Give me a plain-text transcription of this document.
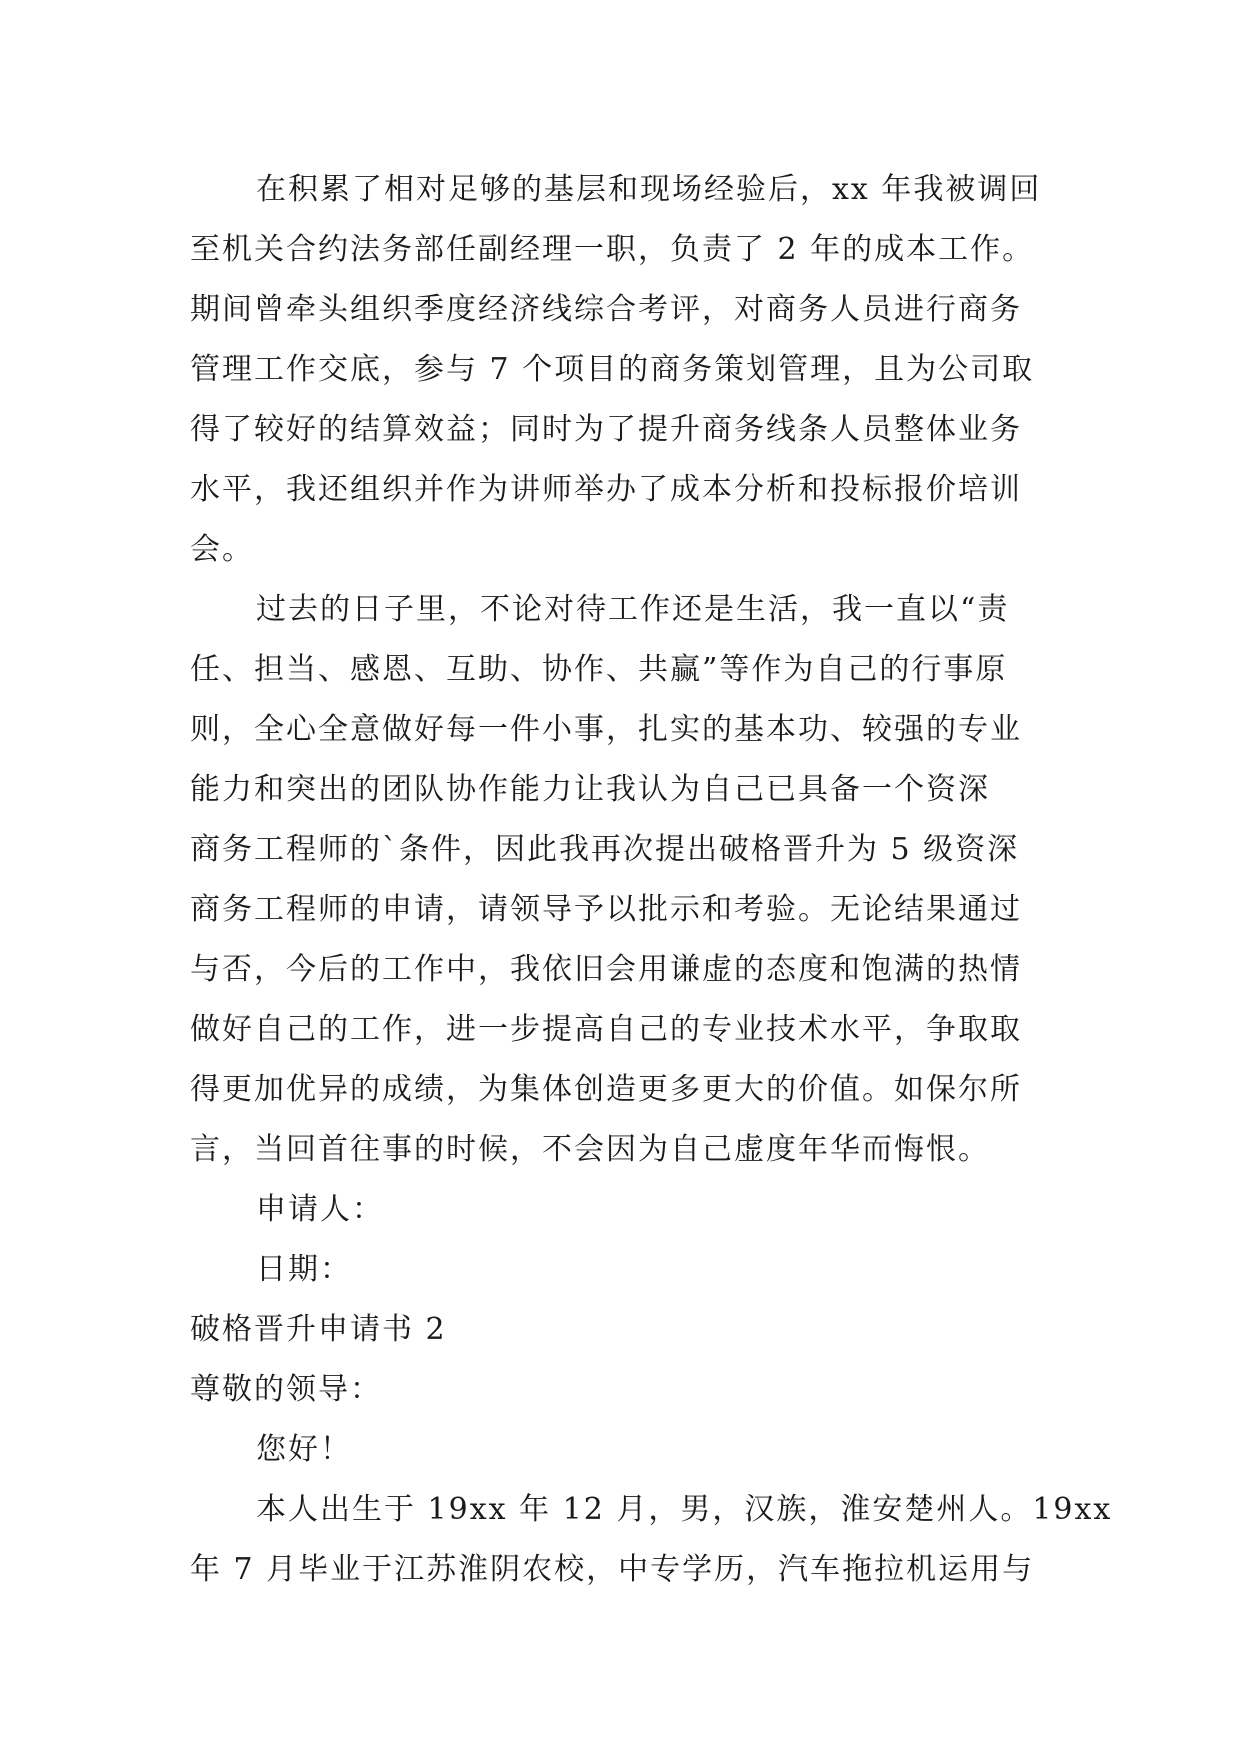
在积累了相对足够的基层和现场经验后，xx 年我被调回
至机关合约法务部任副经理一职，负责了 2 年的成本工作。
期间曾牵头组织季度经济线综合考评，对商务人员进行商务
管理工作交底，参与 7 个项目的商务策划管理，且为公司取
得了较好的结算效益；同时为了提升商务线条人员整体业务
水平，我还组织并作为讲师举办了成本分析和投标报价培训
会。
过去的日子里，不论对待工作还是生活，我一直以“责
任、担当、感恩、互助、协作、共赢”等作为自己的行事原
则，全心全意做好每一件小事，扎实的基本功、较强的专业
能力和突出的团队协作能力让我认为自己已具备一个资深
商务工程师的`条件，因此我再次提出破格晋升为 5 级资深
商务工程师的申请，请领导予以批示和考验。无论结果通过
与否，今后的工作中，我依旧会用谦虚的态度和饱满的热情
做好自己的工作，进一步提高自己的专业技术水平，争取取
得更加优异的成绩，为集体创造更多更大的价值。如保尔所
言，当回首往事的时候，不会因为自己虚度年华而悔恨。
申请人：
日期：
破格晋升申请书 2
尊敬的领导：
您好！
本人出生于 19xx 年 12 月，男，汉族，淮安楚州人。19xx
年 7 月毕业于江苏淮阴农校，中专学历，汽车拖拉机运用与
